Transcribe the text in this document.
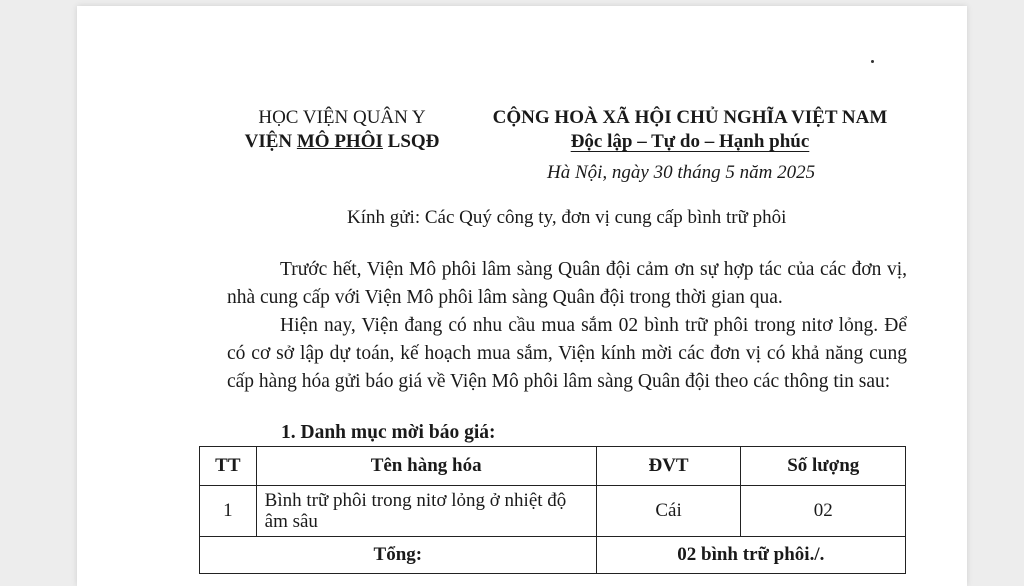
HỌC VIỆN QUÂN Y
VIỆN MÔ PHÔI LSQĐ
CỘNG HOÀ XÃ HỘI CHỦ NGHĨA VIỆT NAM
Độc lập – Tự do – Hạnh phúc
Hà Nội, ngày 30 tháng 5 năm 2025
Kính gửi: Các Quý công ty, đơn vị cung cấp bình trữ phôi

Trước hết, Viện Mô phôi lâm sàng Quân đội cảm ơn sự hợp tác của các đơn vị, nhà cung cấp với Viện Mô phôi lâm sàng Quân đội trong thời gian qua.

Hiện nay, Viện đang có nhu cầu mua sắm 02 bình trữ phôi trong nitơ lỏng. Để có cơ sở lập dự toán, kế hoạch mua sắm, Viện kính mời các đơn vị có khả năng cung cấp hàng hóa gửi báo giá về Viện Mô phôi lâm sàng Quân đội theo các thông tin sau:

1. Danh mục mời báo giá:
TT	Tên hàng hóa	ĐVT	Số lượng
1	Bình trữ phôi trong nitơ lỏng ở nhiệt độ âm sâu	Cái	02
Tổng:		02 bình trữ phôi./.	
